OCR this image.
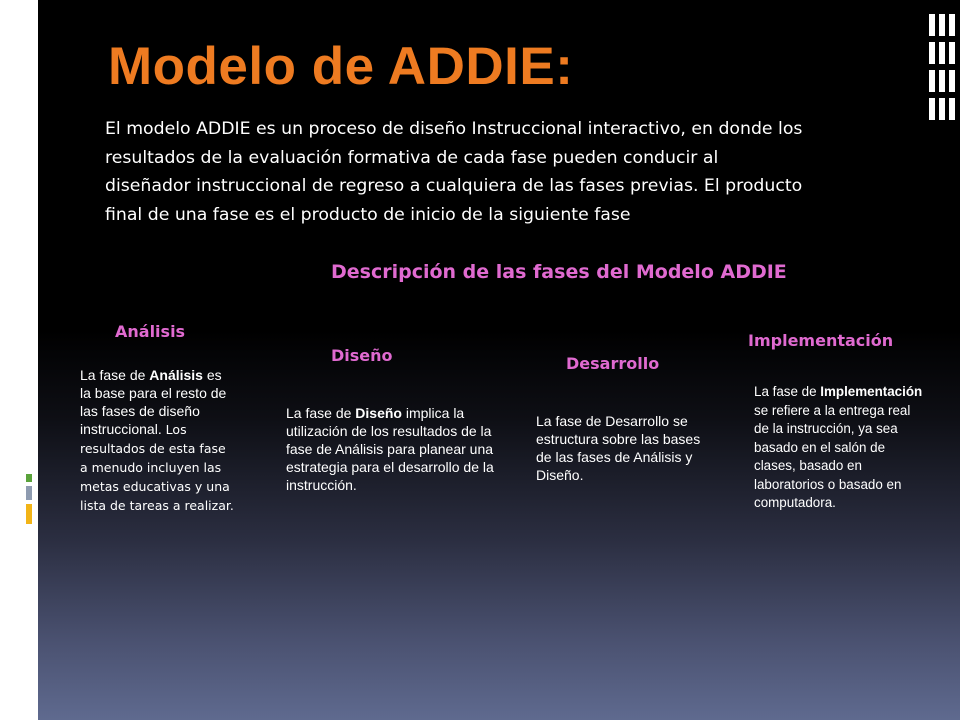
Modelo de ADDIE:
El modelo ADDIE es un proceso de diseño Instruccional interactivo, en donde los resultados de la evaluación formativa de cada fase pueden conducir al diseñador instruccional de regreso a cualquiera de las fases previas. El producto final de una fase es el producto de inicio de la siguiente fase
Descripción de las fases del Modelo ADDIE
Análisis
Diseño	Desarrollo
Implementación
La fase de Análisis es la base para el resto de las fases de diseño instruccional. Los resultados de esta fase a menudo incluyen las metas educativas y una lista de tareas a realizar.
La fase de Diseño implica la utilización de los resultados de la fase de Análisis para planear una estrategia para el desarrollo de la instrucción.
La fase de Desarrollo se estructura sobre las bases de las fases de Análisis y Diseño.
La fase de Implementación se refiere a la entrega real de la instrucción, ya sea basado en el salón de clases, basado en laboratorios o basado en computadora.
